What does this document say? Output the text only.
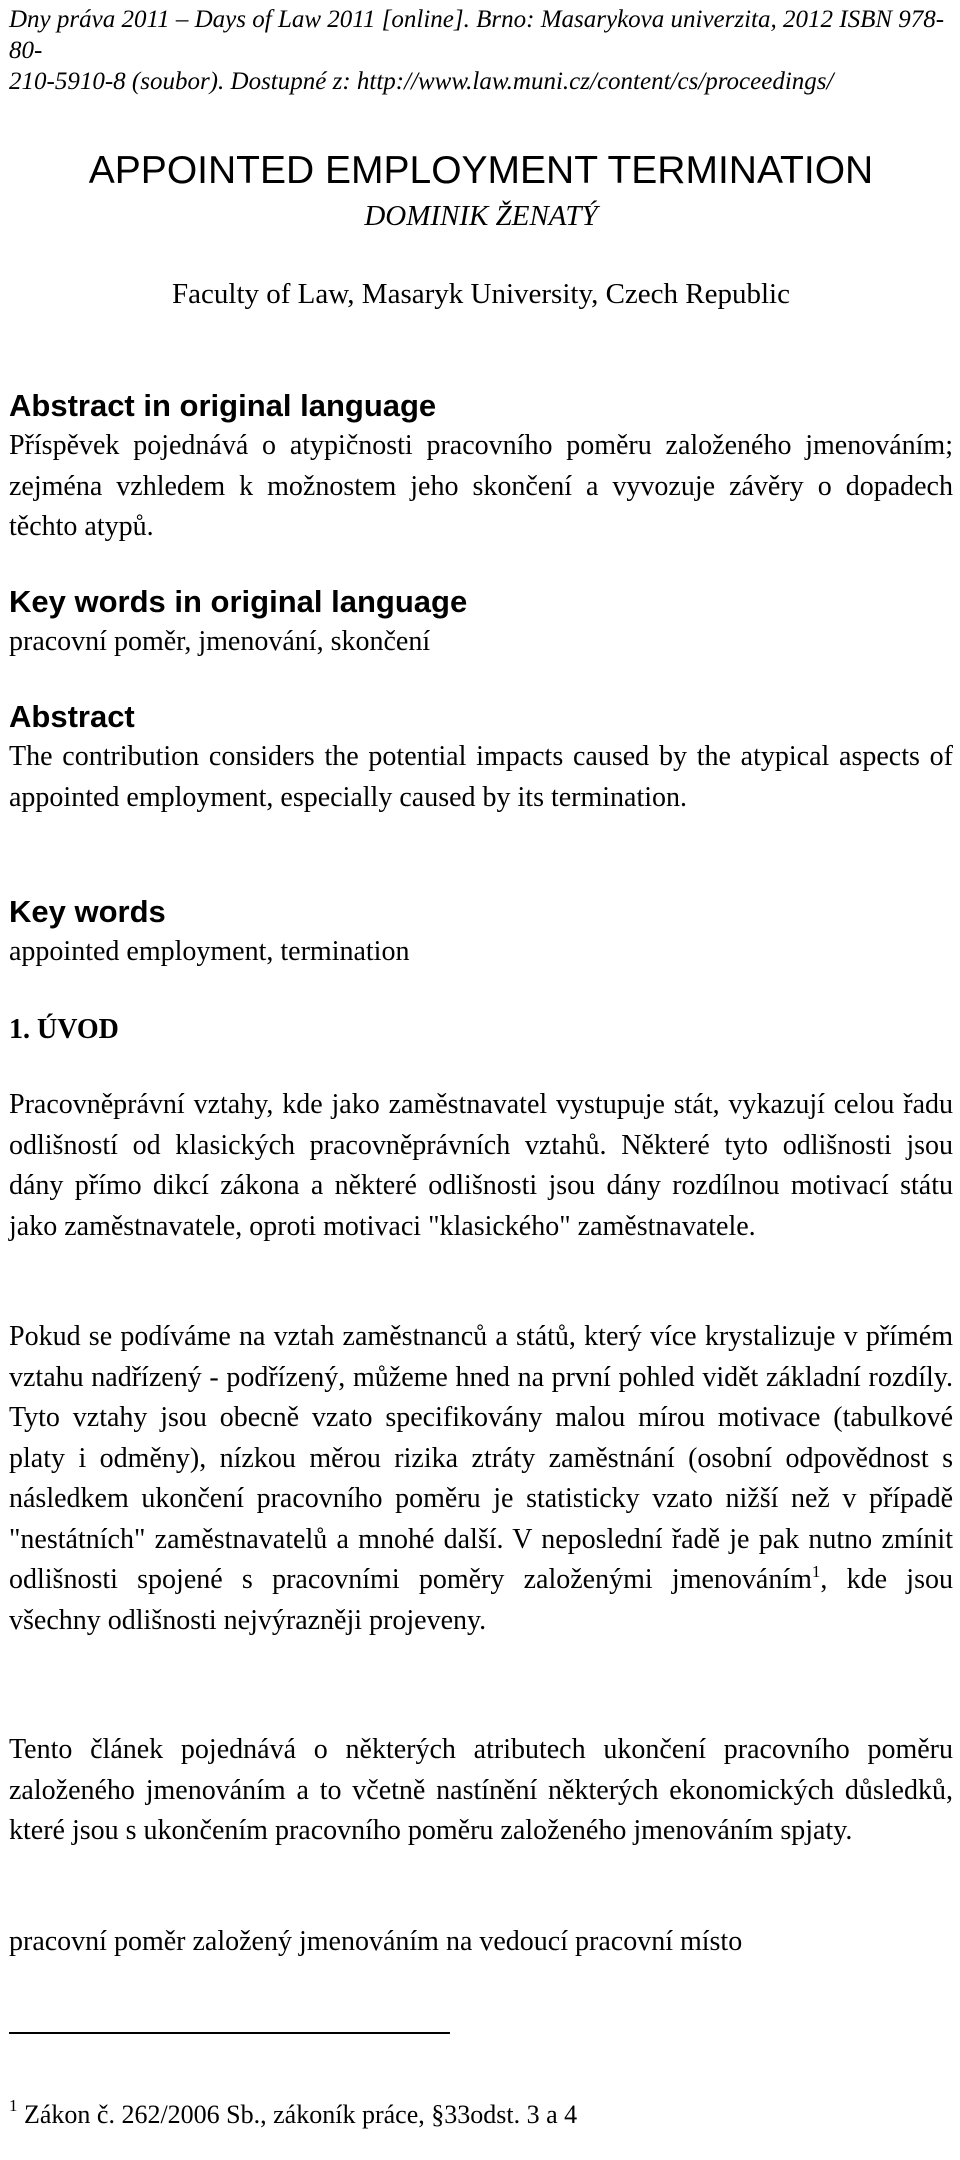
Dny práva 2011 – Days of Law 2011 [online]. Brno: Masarykova univerzita, 2012 ISBN 978-80-
210-5910-8 (soubor). Dostupné z: http://www.law.muni.cz/content/cs/proceedings/
APPOINTED EMPLOYMENT TERMINATION
DOMINIK ŽENATÝ
Faculty of Law, Masaryk University, Czech Republic
Abstract in original language

Příspěvek pojednává o atypičnosti pracovního poměru založeného jmenováním; zejména vzhledem k možnostem jeho skončení a vyvozuje závěry o dopadech těchto atypů.

Key words in original language

pracovní poměr, jmenování, skončení

Abstract

The contribution considers the potential impacts caused by the atypical aspects of appointed employment, especially caused by its termination.

Key words

appointed employment, termination

1. ÚVOD

Pracovněprávní vztahy, kde jako zaměstnavatel vystupuje stát, vykazují celou řadu odlišností od klasických pracovněprávních vztahů. Některé tyto odlišnosti jsou dány přímo dikcí zákona a některé odlišnosti jsou dány rozdílnou motivací státu jako zaměstnavatele, oproti motivaci "klasického" zaměstnavatele.

Pokud se podíváme na vztah zaměstnanců a států, který více krystalizuje v přímém vztahu nadřízený - podřízený, můžeme hned na první pohled vidět základní rozdíly. Tyto vztahy jsou obecně vzato specifikovány malou mírou motivace (tabulkové platy i odměny), nízkou měrou rizika ztráty zaměstnání (osobní odpovědnost s následkem ukončení pracovního poměru je statisticky vzato nižší než v případě "nestátních" zaměstnavatelů a mnohé další. V neposlední řadě je pak nutno zmínit odlišnosti spojené s pracovními poměry založenými jmenováním$^1$, kde jsou všechny odlišnosti nejvýrazněji projeveny.

Tento článek pojednává o některých atributech ukončení pracovního poměru založeného jmenováním a to včetně nastínění některých ekonomických důsledků, které jsou s ukončením pracovního poměru založeného jmenováním spjaty.

pracovní poměr založený jmenováním na vedoucí pracovní místo

$^1$ Zákon č. 262/2006 Sb., zákoník práce, §33odst. 3 a 4
